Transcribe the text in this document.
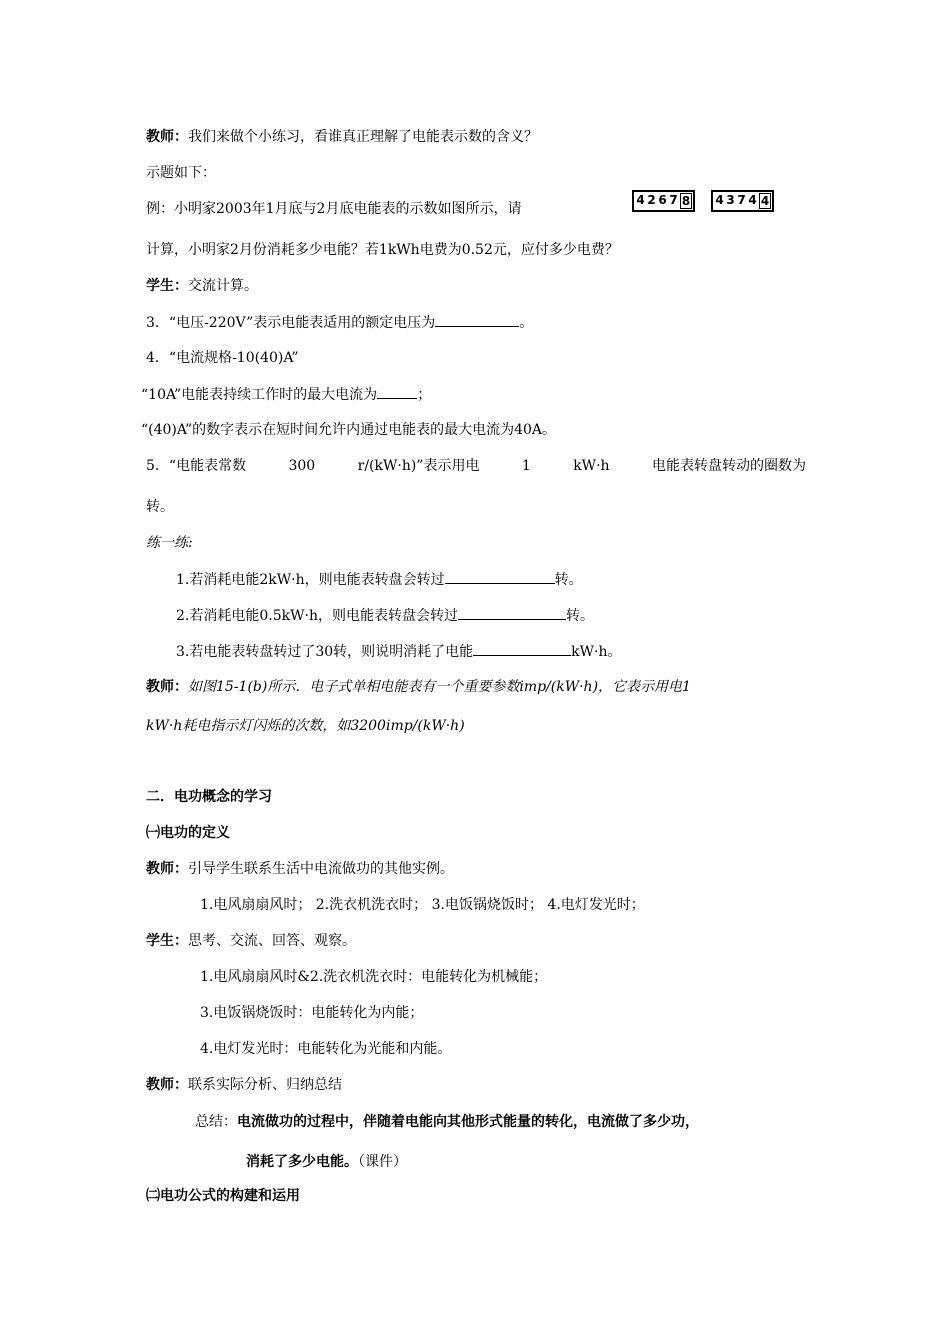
教师：我们来做个小练习，看谁真正理解了电能表示数的含义？
示题如下：
例：小明家2003年1月底与2月底电能表的示数如图所示，请
4 2 6 7 8 4 3 7 4 4
计算，小明家2月份消耗多少电能？若1kWh电费为0.52元，应付多少电费？
学生：交流计算。
3．“电压-220V”表示电能表适用的额定电压为	。
4．“电流规格-10(40)A”
“10A”电能表持续工作时的最大电流为	；
“(40)A”的数字表示在短时间允许内通过电能表的最大电流为40A。
5．“电能表常数	300	r/(kW·h)”表示用电	1	kW·h	电能表转盘转动的圈数为
转。
练一练:
1.若消耗电能2kW·h，则电能表转盘会转过	转。
2.若消耗电能0.5kW·h，则电能表转盘会转过	转。
3.若电能表转盘转过了30转，则说明消耗了电能	kW·h。
教师：如图15-1(b)所示．电子式单相电能表有一个重要参数imp/(kW·h)，它表示用电1
kW·h耗电指示灯闪烁的次数，如3200imp/(kW·h)
二．电功概念的学习
㈠电功的定义
教师：引导学生联系生活中电流做功的其他实例。
1.电风扇扇风时； 2.洗衣机洗衣时； 3.电饭锅烧饭时； 4.电灯发光时；
学生：思考、交流、回答、观察。
1.电风扇扇风时&2.洗衣机洗衣时：电能转化为机械能；
3.电饭锅烧饭时：电能转化为内能；
4.电灯发光时：电能转化为光能和内能。
教师：联系实际分析、归纳总结
总结：电流做功的过程中，伴随着电能向其他形式能量的转化，电流做了多少功，
消耗了多少电能。（课件）
㈡电功公式的构建和运用
